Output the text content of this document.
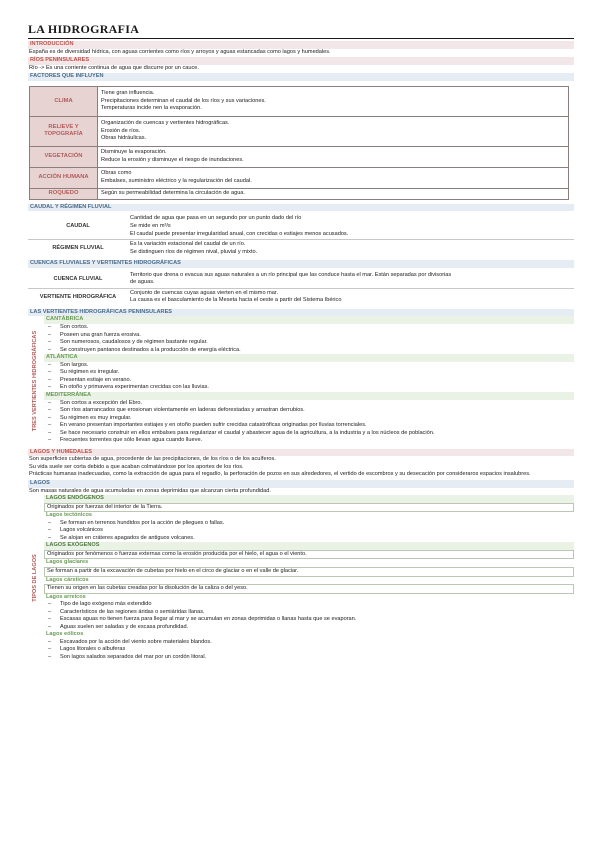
LA HIDROGRAFIA
INTRODUCCIÓN
España es de diversidad hídrica, con aguas corrientes como ríos y arroyos y aguas estancadas como lagos y humedales.
RÍOS PENINSULARES
Río -> Es una corriente continua de agua que discurre por un cauce.
FACTORES QUE INFLUYEN
CLIMA	Tiene gran influencia.
Precipitaciones determinan el caudal de los ríos y sus variaciones.
Temperaturas incide nen la evaporación.

RELIEVE Y TOPOGRAFÍA	Organización de cuencas y vertientes hidrográficas.
Erosión de ríos.
Obras hidráulicas.

VEGETACIÓN	Disminuye la evaporación.
Reduce la erosión y disminuye el riesgo de inundaciones.

ACCIÓN HUMANA	Obras como
Embalses, suministro eléctrico y la regularización del caudal.

ROQUEDO	Según su permeabilidad determina la circulación de agua.
CAUDAL Y RÉGIMEN FLUVIAL
CAUDAL	Cantidad de agua que pasa en un segundo por un punto dado del río
Se mide en m³/s
El caudal puede presentar irregularidad anual, con crecidas o estiajes menos acusados.

RÉGIMEN FLUVIAL	Es la variación estacional del caudal de un río.
Se distinguen ríos de régimen nival, pluvial y mixto.
CUENCAS FLUVIALES Y VERTIENTES HIDROGRÁFICAS
CUENCA FLUVIAL	Territorio que drena o evacua sus aguas naturales a un río principal que las conduce hasta el mar. Están separadas por divisorias
de aguas.

VERTIENTE HIDROGRÁFICA	Conjunto de cuencas cuyas aguas vierten en el mismo mar.
La causa es el basculamiento de la Meseta hacia el oeste a partir del Sistema Ibérico
LAS VERTIENTES HIDROGRÁFICAS PENINSULARES
TRES VERTIENTES HIDROGRÁFICAS
CANTÁBRICA
– Son cortos.
– Poseen una gran fuerza erosiva.
– Son numerosos, caudalosos y de régimen bastante regular.
– Se construyen pantanos destinados a la producción de energía eléctrica.
ATLÁNTICA
– Son largos.
– Su régimen es irregular.
– Presentan estiaje en verano.
– En otoño y primavera experimentan crecidas con las lluvias.
MEDITERRÁNEA
– Son cortos a excepción del Ebro.
– Son ríos atarrancados que erosionan violentamente en laderas deforestadas y arrastran derrubios.
– Su régimen es muy irregular.
– En verano presentan importantes estiajes y en otoño pueden sufrir crecidas catastróficas originadas por lluvias torrenciales.
– Se hace necesario construir en ellos embalses para regularizar el caudal y abastecer agua de la agricultura, a la industria y a los núcleos de población.
– Frecuentes torrentes que sólo llevan agua cuando llueve.
LAGOS Y HUMEDALES
Son superficies cubiertas de agua, procedente de las precipitaciones, de los ríos o de los acuíferos.
Su vida suele ser corta debido a que acaban colmatándose por los aportes de los ríos.
Prácticas humanas inadecuadas, como la extracción de agua para el regadío, la perforación de pozos en sus alrededores, el vertido de escombros y su desecación por consideraros espacios insalubres.
LAGOS
Son masas naturales de agua acumuladas en zonas deprimidas que alcanzan cierta profundidad.
TIPOS DE LAGOS
LAGOS ENDÓGENOS
Originados por fuerzas del interior de la Tierra.
Lagos tectónicos
– Se forman en terrenos hundidos por la acción de pliegues o fallas.
– Lagos volcánicos
– Se alojan en cráteres apagados de antiguos volcanes.
LAGOS EXÓGENOS
Originados por fenómenos o fuerzas externas como la erosión producida por el hielo, el agua o el viento.
Lagos glaciares
Se forman a partir de la excavación de cubetas por hielo en el circo de glaciar o en el valle de glaciar.
Lagos cársticos
Tienen su origen en las cubetas creadas por la disolución de la caliza o del yeso.
Lagos arreicos
– Tipo de lago exógeno más extendido
– Característicos de las regiones áridas o semiáridas llanas.
– Escasas aguas no tienen fuerza para llegar al mar y se acumulan en zonas deprimidas o llanas hasta que se evaporan.
– Aguas suelen ser saladas y de escasa profundidad.
Lagos eólicos
– Excavados por la acción del viento sobre materiales blandos.
– Lagos litorales o albuferas
– Son lagos salados separados del mar por un cordón litoral.
